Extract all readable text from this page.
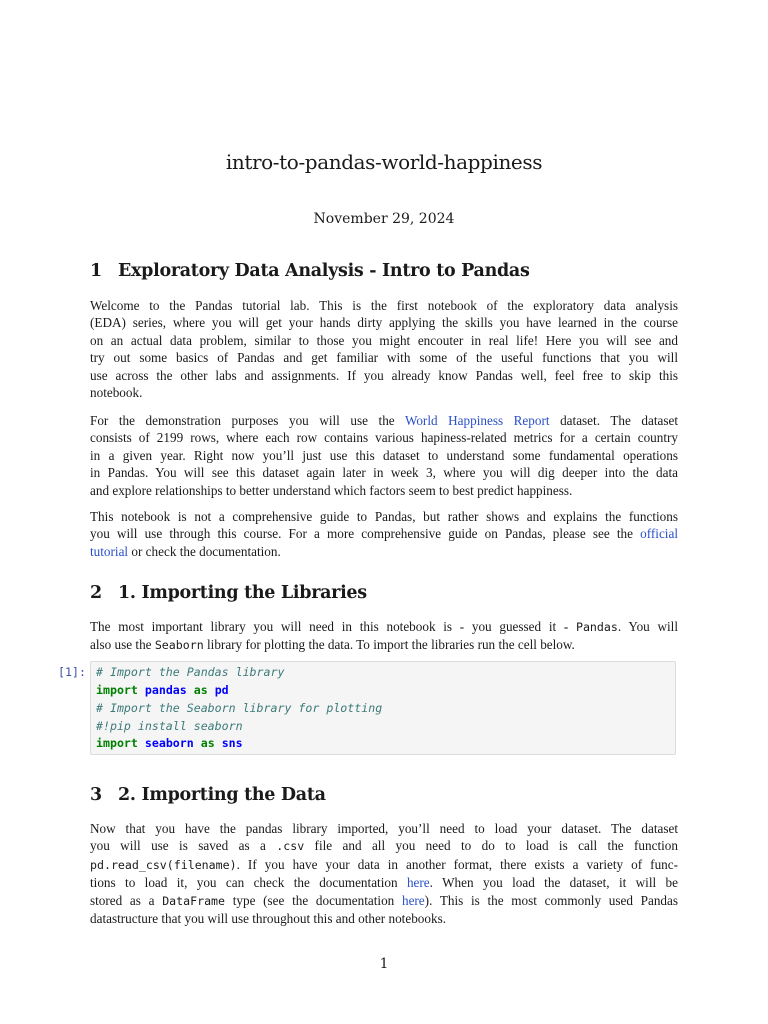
intro-to-pandas-world-happiness
November 29, 2024
1 Exploratory Data Analysis - Intro to Pandas
Welcome to the Pandas tutorial lab. This is the first notebook of the exploratory data analysis
(EDA) series, where you will get your hands dirty applying the skills you have learned in the course
on an actual data problem, similar to those you might encouter in real life! Here you will see and
try out some basics of Pandas and get familiar with some of the useful functions that you will
use across the other labs and assignments. If you already know Pandas well, feel free to skip this
notebook.
For the demonstration purposes you will use the World Happiness Report dataset. The dataset
consists of 2199 rows, where each row contains various hapiness-related metrics for a certain country
in a given year. Right now you’ll just use this dataset to understand some fundamental operations
in Pandas. You will see this dataset again later in week 3, where you will dig deeper into the data
and explore relationships to better understand which factors seem to best predict happiness.
This notebook is not a comprehensive guide to Pandas, but rather shows and explains the functions
you will use through this course. For a more comprehensive guide on Pandas, please see the official
tutorial or check the documentation.
2 1. Importing the Libraries
The most important library you will need in this notebook is - you guessed it - Pandas. You will
also use the Seaborn library for plotting the data. To import the libraries run the cell below.
[1]: # Import the Pandas library
import pandas as pd
# Import the Seaborn library for plotting
#!pip install seaborn
import seaborn as sns
3 2. Importing the Data
Now that you have the pandas library imported, you’ll need to load your dataset. The dataset
you will use is saved as a .csv file and all you need to do to load is call the function
pd.read_csv(filename). If you have your data in another format, there exists a variety of func-
tions to load it, you can check the documentation here. When you load the dataset, it will be
stored as a DataFrame type (see the documentation here). This is the most commonly used Pandas
datastructure that you will use throughout this and other notebooks.
1
